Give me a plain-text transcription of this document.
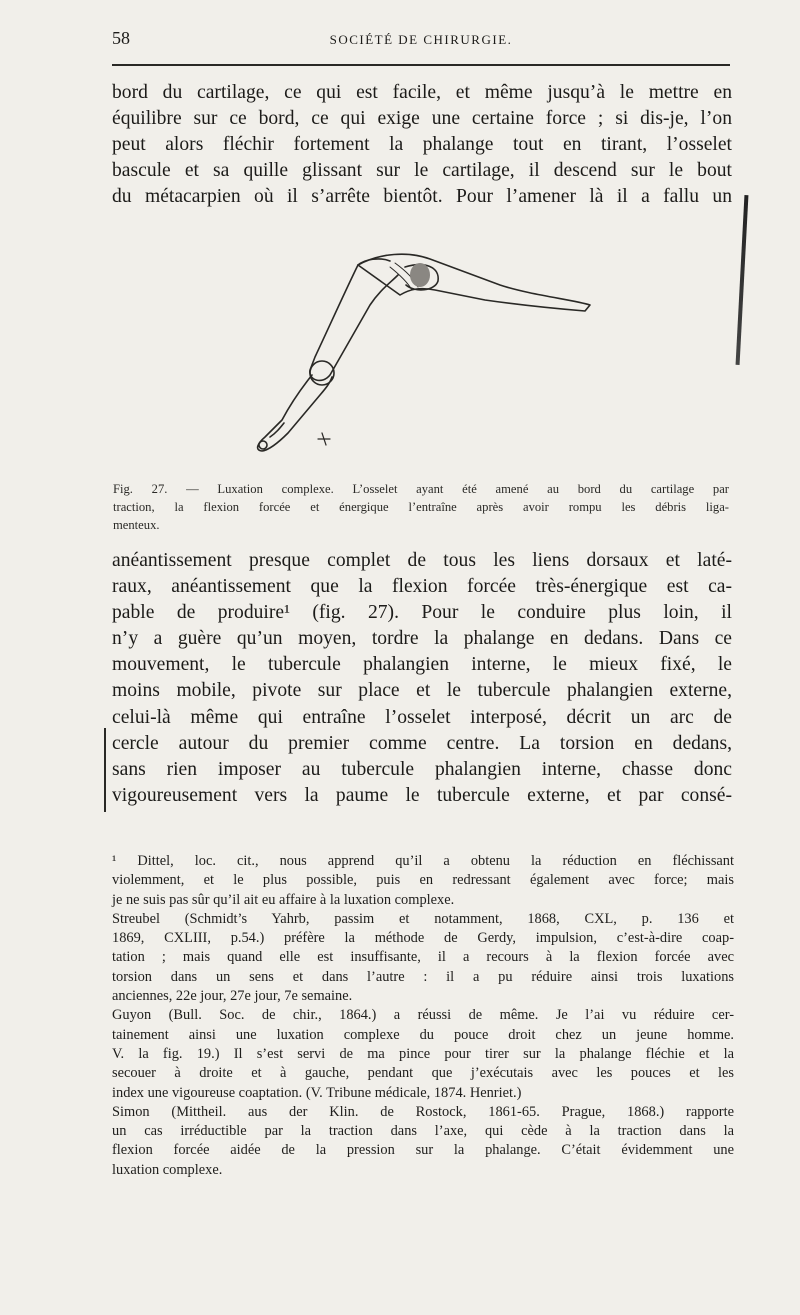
58	SOCIÉTÉ DE CHIRURGIE.
bord du cartilage, ce qui est facile, et même jusqu’à le mettre en
équilibre sur ce bord, ce qui exige une certaine force ; si dis-je, l’on
peut alors fléchir fortement la phalange tout en tirant, l’osselet
bascule et sa quille glissant sur le cartilage, il descend sur le bout
du métacarpien où il s’arrête bientôt. Pour l’amener là il a fallu un
Fig. 27. — Luxation complexe. L’osselet ayant été amené au bord du cartilage par
traction, la flexion forcée et énergique l’entraîne après avoir rompu les débris liga-
menteux.
anéantissement presque complet de tous les liens dorsaux et laté-
raux, anéantissement que la flexion forcée très-énergique est ca-
pable de produire¹ (fig. 27). Pour le conduire plus loin, il
n’y a guère qu’un moyen, tordre la phalange en dedans. Dans ce
mouvement, le tubercule phalangien interne, le mieux fixé, le
moins mobile, pivote sur place et le tubercule phalangien externe,
celui-là même qui entraîne l’osselet interposé, décrit un arc de
cercle autour du premier comme centre. La torsion en dedans,
sans rien imposer au tubercule phalangien interne, chasse donc
vigoureusement vers la paume le tubercule externe, et par consé-
¹ Dittel, loc. cit., nous apprend qu’il a obtenu la réduction en fléchissant
violemment, et le plus possible, puis en redressant également avec force; mais
je ne suis pas sûr qu’il ait eu affaire à la luxation complexe.
Streubel (Schmidt’s Yahrb, passim et notamment, 1868, CXL, p. 136 et
1869, CXLIII, p.54.) préfère la méthode de Gerdy, impulsion, c’est-à-dire coap-
tation ; mais quand elle est insuffisante, il a recours à la flexion forcée avec
torsion dans un sens et dans l’autre : il a pu réduire ainsi trois luxations
anciennes, 22e jour, 27e jour, 7e semaine.
Guyon (Bull. Soc. de chir., 1864.) a réussi de même. Je l’ai vu réduire cer-
tainement ainsi une luxation complexe du pouce droit chez un jeune homme.
V. la fig. 19.) Il s’est servi de ma pince pour tirer sur la phalange fléchie et la
secouer à droite et à gauche, pendant que j’exécutais avec les pouces et les
index une vigoureuse coaptation. (V. Tribune médicale, 1874. Henriet.)
Simon (Mittheil. aus der Klin. de Rostock, 1861-65. Prague, 1868.) rapporte
un cas irréductible par la traction dans l’axe, qui cède à la traction dans la
flexion forcée aidée de la pression sur la phalange. C’était évidemment une
luxation complexe.
